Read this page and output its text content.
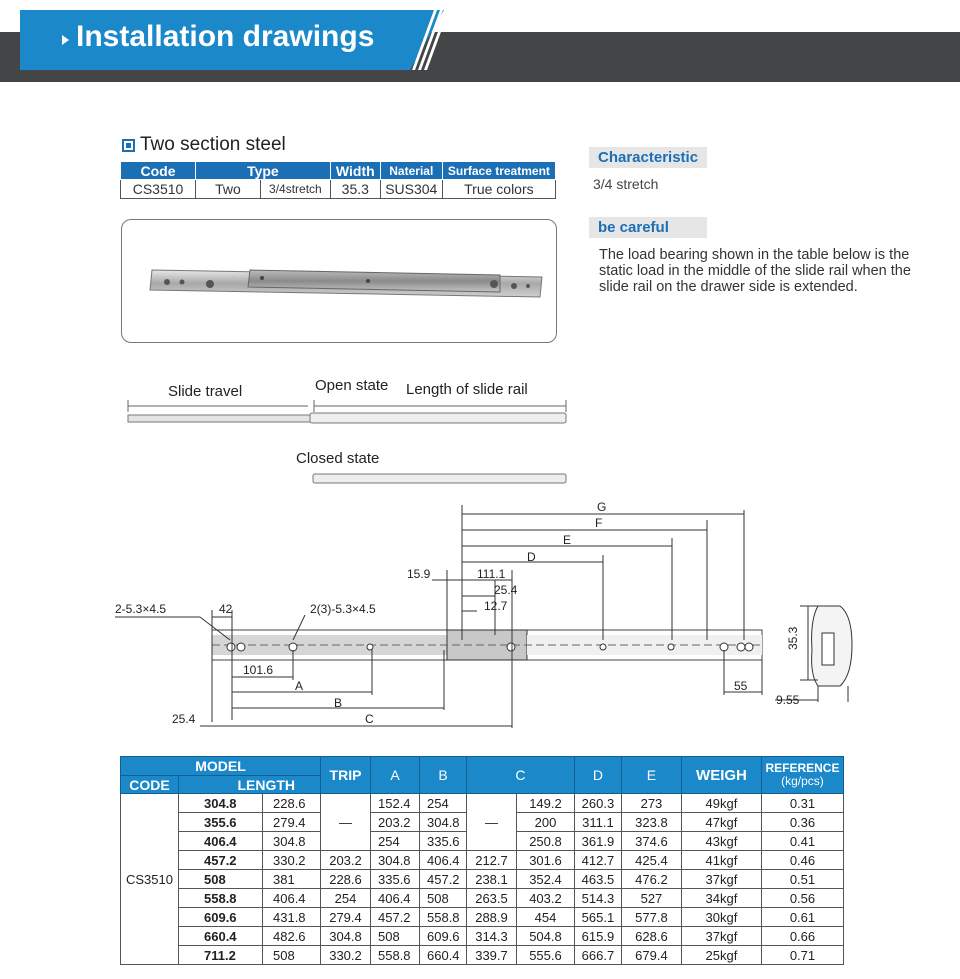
Installation drawings
Two section steel
Code	Type		Width	Naterial	Surface treatment
CS3510	Two	3/4stretch	35.3	SUS304	True colors
Characteristic
3/4 stretch
be careful
The load bearing shown in the table below is the static load in the middle of the slide rail when the slide rail on the drawer side is extended.
Slide travel	Open state Length of slide rail
Closed state
G
F
E
D
15.9	111.1
25.4
12.7
2-5.3×4.5	42	2(3)-5.3×4.5
101.6
A
B
C
25.4
55
35.3
9.55
MODEL			TRIP	A	B	C		D	E	WEIGH	REFERENCE
(kg/pcs)

CODE	LENGTH										
CS3510	304.8	228.6	—	152.4	254	—	149.2	260.3	273	49kgf	0.31
	355.6	279.4		203.2	304.8		200	311.1	323.8	47kgf	0.36
	406.4	304.8		254	335.6		250.8	361.9	374.6	43kgf	0.41
	457.2	330.2	203.2	304.8	406.4	212.7	301.6	412.7	425.4	41kgf	0.46
	508	381	228.6	335.6	457.2	238.1	352.4	463.5	476.2	37kgf	0.51
	558.8	406.4	254	406.4	508	263.5	403.2	514.3	527	34kgf	0.56
	609.6	431.8	279.4	457.2	558.8	288.9	454	565.1	577.8	30kgf	0.61
	660.4	482.6	304.8	508	609.6	314.3	504.8	615.9	628.6	37kgf	0.66
	711.2	508	330.2	558.8	660.4	339.7	555.6	666.7	679.4	25kgf	0.71
